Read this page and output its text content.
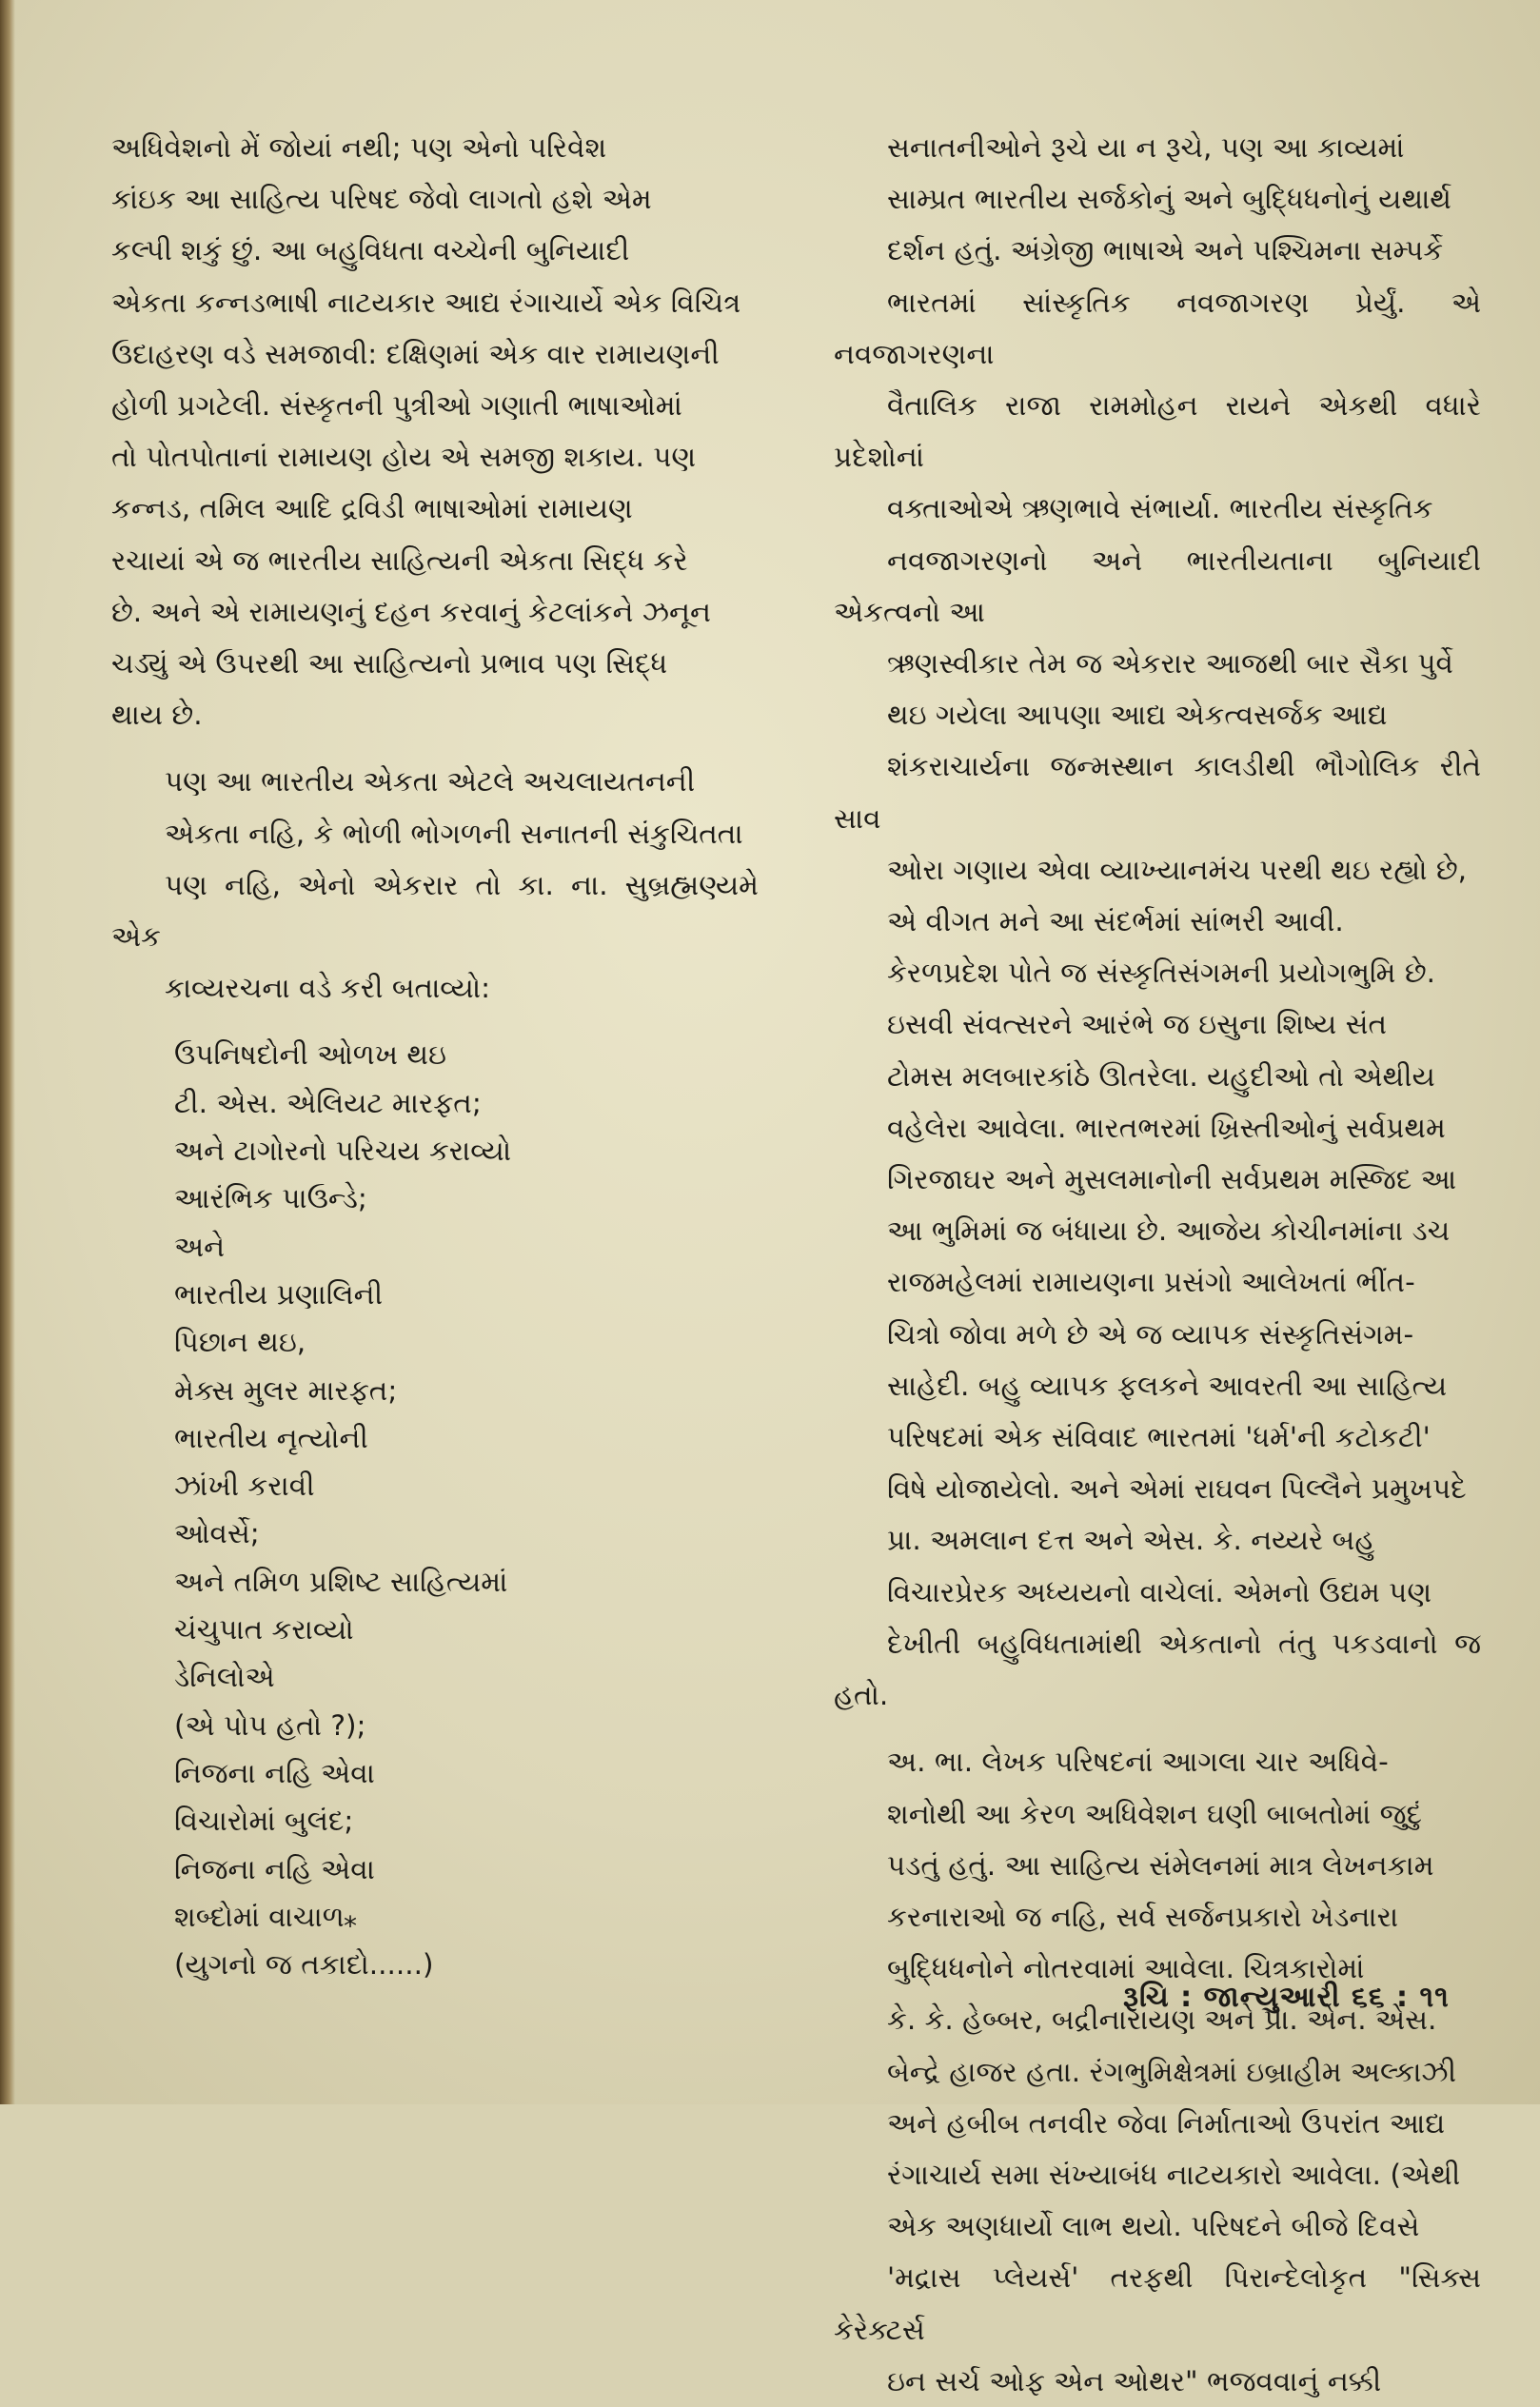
અધિવેશનો મેં જોયાં નથી; પણ એનો પરિવેશ
કાંઇક આ સાહિત્ય પરિષદ જેવો લાગતો હશે એમ
કલ્પી શકું છું. આ બહુવિધતા વચ્ચેની બુનિયાદી
એકતા કન્નડભાષી નાટયકાર આદ્ય રંગાચાર્યે એક વિચિત્ર
ઉદાહરણ વડે સમજાવી: દક્ષિણમાં એક વાર રામાયણની
હોળી પ્રગટેલી. સંસ્કૃતની પુત્રીઓ ગણાતી ભાષાઓમાં
તો પોતપોતાનાં રામાયણ હોય એ સમજી શકાય. પણ
કન્નડ, તમિલ આદિ દ્રવિડી ભાષાઓમાં રામાયણ
રચાયાં એ જ ભારતીય સાહિત્યની એકતા સિદ્ધ કરે
છે. અને એ રામાયણનું દહન કરવાનું કેટલાંકને ઝનૂન
ચડ્યું એ ઉપરથી આ સાહિત્યનો પ્રભાવ પણ સિદ્ધ
થાય છે.

પણ આ ભારતીય એકતા એટલે અચલાયતનની
એકતા નહિ, કે ભોળી ભોગળની સનાતની સંકુચિતતા
પણ નહિ, એનો એકરાર તો કા. ના. સુબ્રહ્મણ્યમે એક
કાવ્યરચના વડે કરી બતાવ્યો:

ઉપનિષદોની ઓળખ થઇ
ટી. એસ. એલિયટ મારફત;
અને ટાગોરનો પરિચય કરાવ્યો
આરંભિક પાઉન્ડે;
અને
ભારતીય પ્રણાલિની
પિછાન થઇ,
મેક્સ મુલર મારફત;
ભારતીય નૃત્યોની
ઝાંખી કરાવી
ઓવર્સે;
અને તમિળ પ્રશિષ્ટ સાહિત્યમાં
ચંચુપાત કરાવ્યો
ડેનિલોએ
(એ પોપ હતો ?);
નિજના નહિ એવા
વિચારોમાં બુલંદ;
નિજના નહિ એવા
શબ્દોમાં વાચાળ
(યુગનો જ તકાદો......)
*

સનાતનીઓને રૂચે યા ન રૂચે, પણ આ કાવ્યમાં
સામ્પ્રત ભારતીય સર્જકોનું અને બુદ્ધિધનોનું યથાર્થ
દર્શન હતું. અંગ્રેજી ભાષાએ અને પશ્ચિમના સમ્પર્કે
ભારતમાં સાંસ્કૃતિક નવજાગરણ પ્રેર્યું. એ નવજાગરણના
વૈતાલિક રાજા રામમોહન રાયને એકથી વધારે પ્રદેશોનાં
વક્તાઓએ ઋણભાવે સંભાર્યા. ભારતીય સંસ્કૃતિક
નવજાગરણનો અને ભારતીયતાના બુનિયાદી એકત્વનો આ
ઋણસ્વીકાર તેમ જ એકરાર આજથી બાર સૈકા પુર્વે
થઇ ગયેલા આપણા આદ્ય એકત્વસર્જક આદ્ય
શંકરાચાર્યના જન્મસ્થાન કાલડીથી ભૌગોલિક રીતે સાવ
ઓરા ગણાય એવા વ્યાખ્યાનમંચ પરથી થઇ રહ્યો છે,
એ વીગત મને આ સંદર્ભમાં સાંભરી આવી.
કેરળપ્રદેશ પોતે જ સંસ્કૃતિસંગમની પ્રયોગભુમિ છે.
ઇસવી સંવત્સરને આરંભે જ ઇસુના શિષ્ય સંત
ટોમસ મલબારકાંઠે ઊતરેલા. યહુદીઓ તો એથીય
વહેલેરા આવેલા. ભારતભરમાં ખ્રિસ્તીઓનું સર્વપ્રથમ
ગિરજાઘર અને મુસલમાનોની સર્વપ્રથમ મસ્જિદ આ
આ ભુમિમાં જ બંધાયા છે. આજેય કોચીનમાંના ડચ
રાજમહેલમાં રામાયણના પ્રસંગો આલેખતાં ભીંત-
ચિત્રો જોવા મળે છે એ જ વ્યાપક સંસ્કૃતિસંગમ-
સાહેદી. બહુ વ્યાપક ફલકને આવરતી આ સાહિત્ય
પરિષદમાં એક સંવિવાદ ભારતમાં 'ધર્મ'ની કટોકટી'
વિષે યોજાયેલો. અને એમાં રાઘવન પિલ્લૈને પ્રમુખપદે
પ્રા. અમલાન દત્ત અને એસ. કે. નય્યરે બહુ
વિચારપ્રેરક અધ્યયનો વાચેલાં. એમનો ઉદ્યમ પણ
દેખીતી બહુવિધતામાંથી એકતાનો તંતુ પકડવાનો જ હતો.

અ. ભા. લેખક પરિષદનાં આગલા ચાર અધિવે-
શનોથી આ કેરળ અધિવેશન ઘણી બાબતોમાં જુદું
પડતું હતું. આ સાહિત્ય સંમેલનમાં માત્ર લેખનકામ
કરનારાઓ જ નહિ, સર્વ સર્જનપ્રકારો ખેડનારા
બુદ્ધિધનોને નોતરવામાં આવેલા. ચિત્રકારોમાં
કે. કે. હેબ્બર, બદ્રીનારાયણ અને પ્રા. એન. એસ.
બેન્દ્રે હાજર હતા. રંગભુમિક્ષેત્રમાં ઇબ્રાહીમ અલ્કાઝી
અને હબીબ તનવીર જેવા નિર્માતાઓ ઉપરાંત આદ્ય
રંગાચાર્ય સમા સંખ્યાબંધ નાટયકારો આવેલા. (એથી
એક અણધાર્યો લાભ થયો. પરિષદને બીજે દિવસે
'મદ્રાસ પ્લેયર્સ' તરફથી પિરાન્દેલોકૃત "સિક્સ કેરેક્ટર્સ
ઇન સર્ચ ઓફ એન ઓથર" ભજવવાનું નક્કી

રૂચિ : જાન્યુઆરી ૬૬ : ૧૧
